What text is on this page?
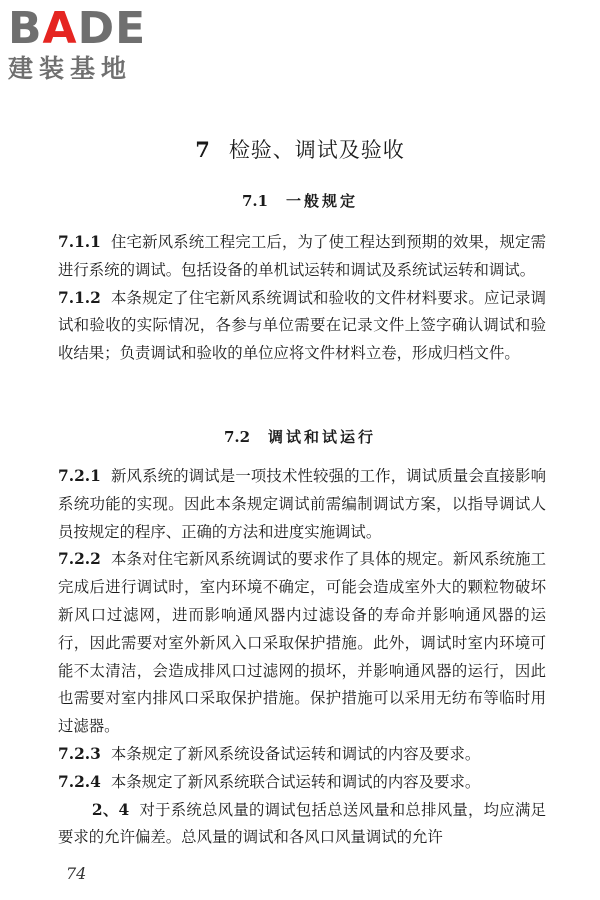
BADE
建装基地
7 检验、调试及验收
7.1 一般规定

7.1.1 住宅新风系统工程完工后，为了使工程达到预期的效果，规定需进行系统的调试。包括设备的单机试运转和调试及系统试运转和调试。

7.1.2 本条规定了住宅新风系统调试和验收的文件材料要求。应记录调试和验收的实际情况，各参与单位需要在记录文件上签字确认调试和验收结果；负责调试和验收的单位应将文件材料立卷，形成归档文件。

7.2 调试和试运行

7.2.1 新风系统的调试是一项技术性较强的工作，调试质量会直接影响系统功能的实现。因此本条规定调试前需编制调试方案，以指导调试人员按规定的程序、正确的方法和进度实施调试。

7.2.2 本条对住宅新风系统调试的要求作了具体的规定。新风系统施工完成后进行调试时，室内环境不确定，可能会造成室外大的颗粒物破坏新风口过滤网，进而影响通风器内过滤设备的寿命并影响通风器的运行，因此需要对室外新风入口采取保护措施。此外，调试时室内环境可能不太清洁，会造成排风口过滤网的损坏，并影响通风器的运行，因此也需要对室内排风口采取保护措施。保护措施可以采用无纺布等临时用过滤器。

7.2.3 本条规定了新风系统设备试运转和调试的内容及要求。

7.2.4 本条规定了新风系统联合试运转和调试的内容及要求。

2、4 对于系统总风量的调试包括总送风量和总排风量，均应满足要求的允许偏差。总风量的调试和各风口风量调试的允许

74
